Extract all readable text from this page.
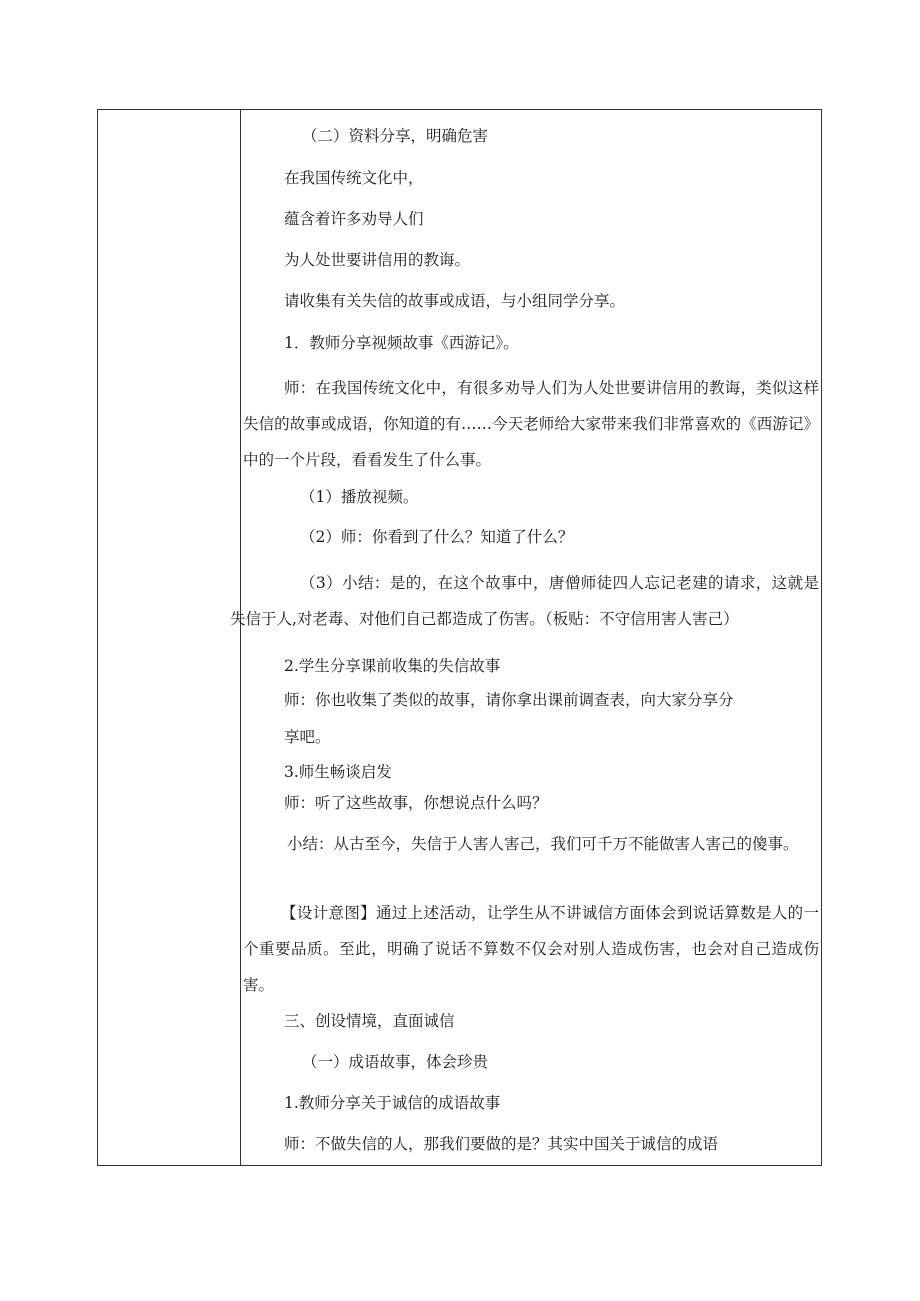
（二）资料分享，明确危害
在我国传统文化中，
蕴含着许多劝导人们
为人处世要讲信用的教诲。
请收集有关失信的故事或成语，与小组同学分享。
1．教师分享视频故事《西游记》。
师：在我国传统文化中，有很多劝导人们为人处世要讲信用的教诲，类似这样失信的故事或成语，你知道的有……今天老师给大家带来我们非常喜欢的《西游记》中的一个片段，看看发生了什么事。
（1）播放视频。
（2）师：你看到了什么？知道了什么？
（3）小结：是的，在这个故事中，唐僧师徒四人忘记老建的请求，这就是失信于人,对老毒、对他们自己都造成了伤害。（板贴：不守信用害人害己）
2.学生分享课前收集的失信故事
师：你也收集了类似的故事，请你拿出课前调查表，向大家分享分
享吧。
3.师生畅谈启发
师：听了这些故事，你想说点什么吗？
小结：从古至今，失信于人害人害己，我们可千万不能做害人害己的傻事。
【设计意图】通过上述活动，让学生从不讲诚信方面体会到说话算数是人的一个重要品质。至此，明确了说话不算数不仅会对别人造成伤害，也会对自己造成伤害。
三、创设情境，直面诚信
（一）成语故事，体会珍贵
1.教师分享关于诚信的成语故事
师：不做失信的人，那我们要做的是？其实中国关于诚信的成语
